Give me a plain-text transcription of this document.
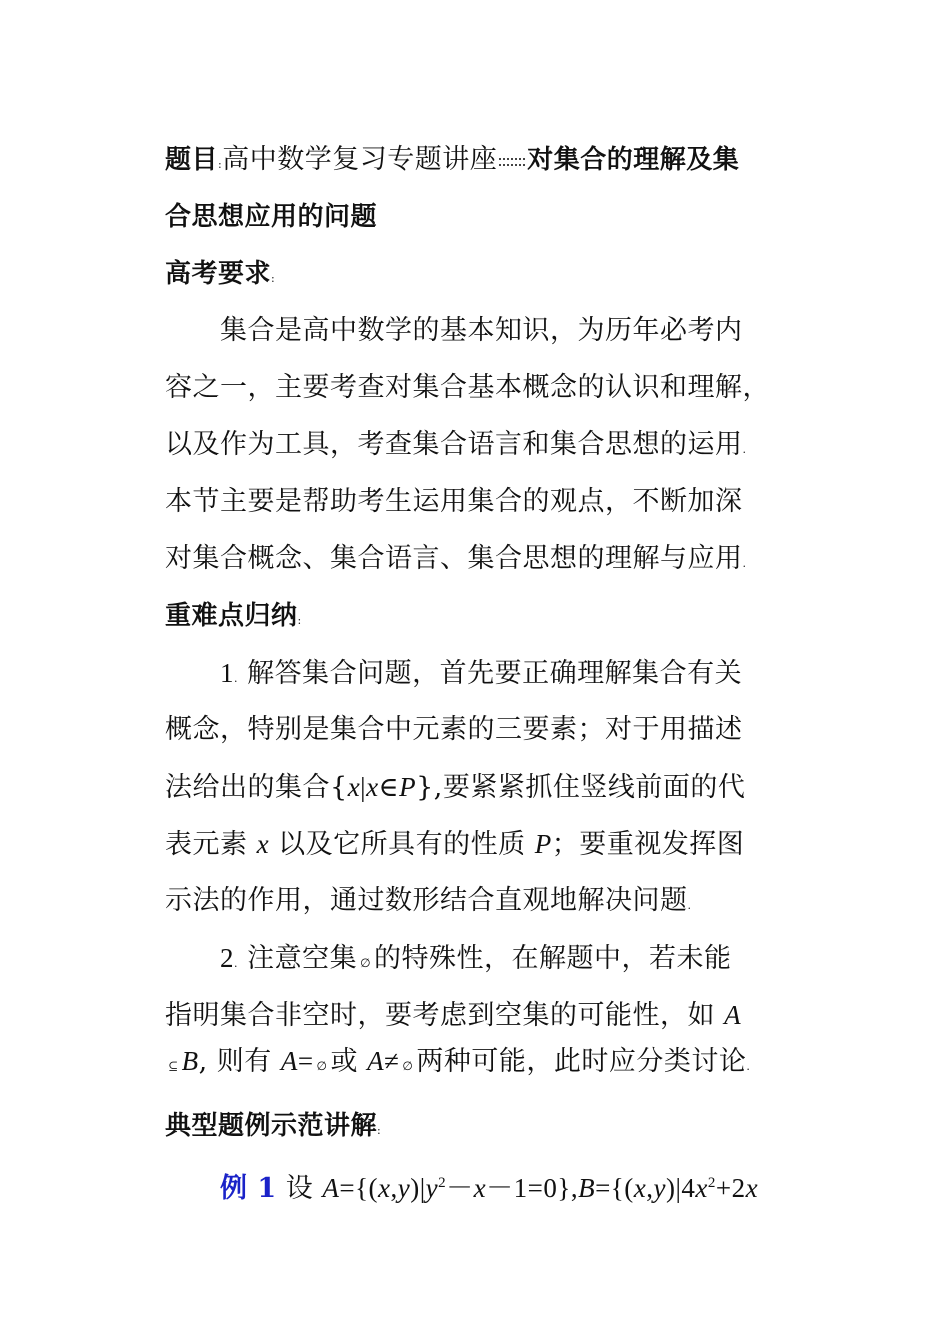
题目:高中数学复习专题讲座 对集合的理解及集
合思想应用的问题
高考要求:
集合是高中数学的基本知识，为历年必考内
容之一，主要考查对集合基本概念的认识和理解，
以及作为工具，考查集合语言和集合思想的运用.
本节主要是帮助考生运用集合的观点，不断加深
对集合概念、集合语言、集合思想的理解与应用.
重难点归纳:
1. 解答集合问题，首先要正确理解集合有关
概念，特别是集合中元素的三要素；对于用描述
法给出的集合{x|x∈P},要紧紧抓住竖线前面的代
表元素 x 以及它所具有的性质 P；要重视发挥图
示法的作用，通过数形结合直观地解决问题.
2. 注意空集 ∅ 的特殊性，在解题中，若未能
指明集合非空时，要考虑到空集的可能性，如 A
⊆ B, 则有 A= ∅ 或 A≠ ∅ 两种可能，此时应分类讨论.
典型题例示范讲解:
例 1 设 $A=\{(x,y)|y^2-x-1=0\},B=\{(x,y)|4x^2+2x$
